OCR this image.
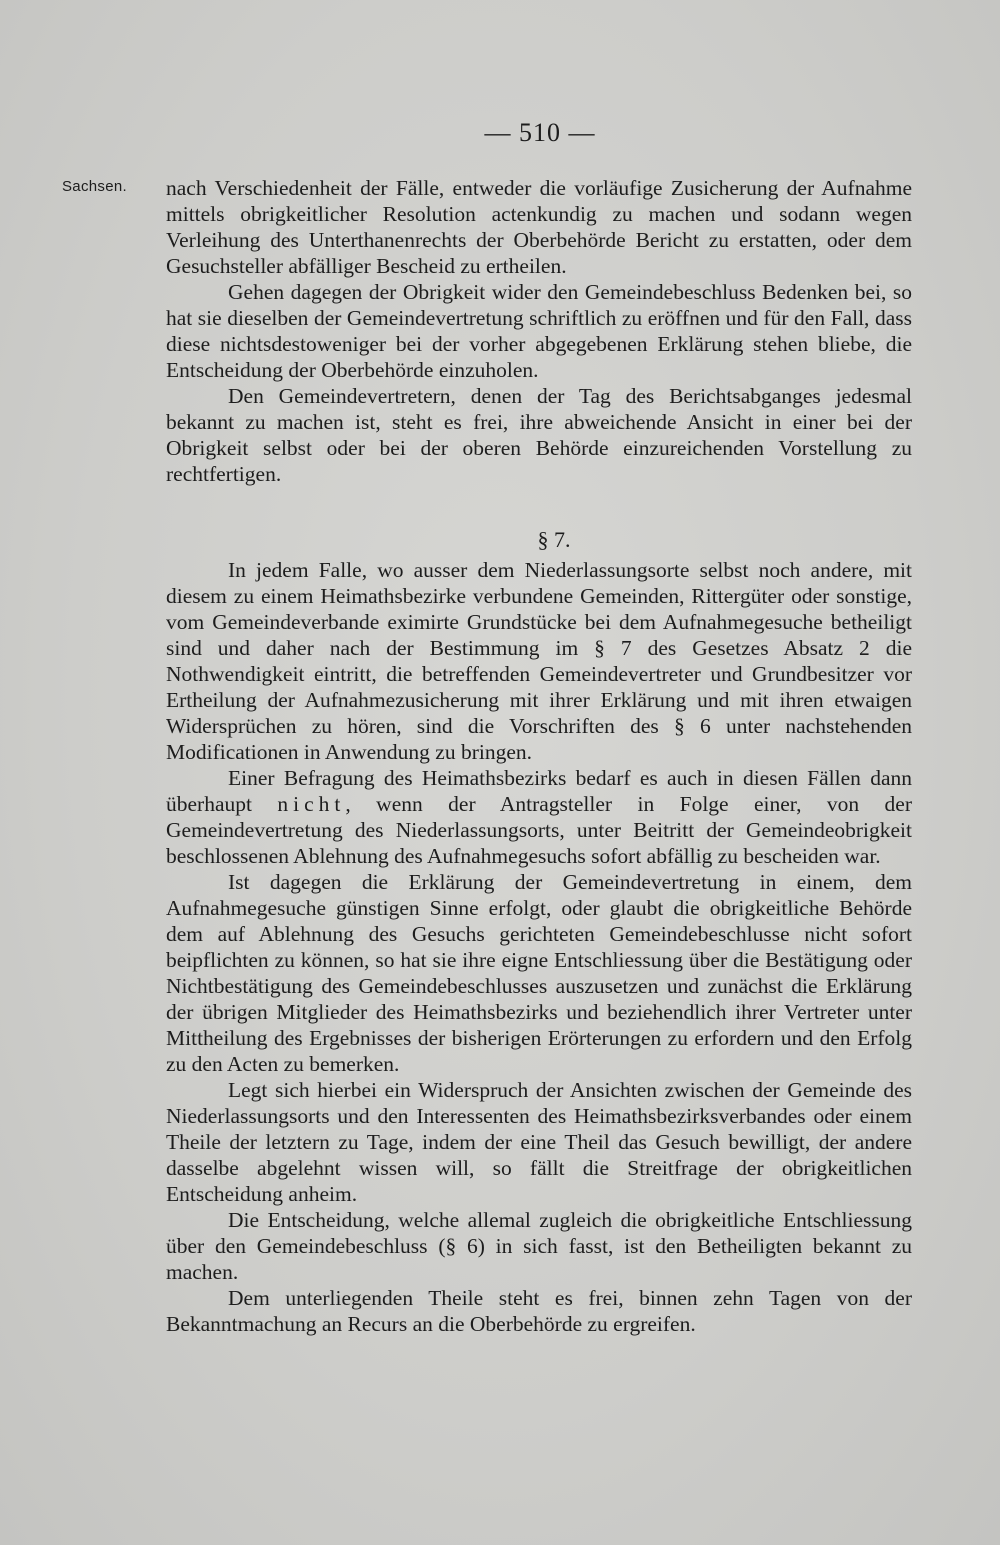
— 510 —
Sachsen. nach Verschiedenheit der Fälle, entweder die vorläufige Zusicherung der Aufnahme mittels obrigkeitlicher Resolution actenkundig zu machen und sodann wegen Verleihung des Unterthanenrechts der Oberbehörde Bericht zu erstatten, oder dem Gesuchsteller abfälliger Bescheid zu ertheilen.

Gehen dagegen der Obrigkeit wider den Gemeindebeschluss Bedenken bei, so hat sie dieselben der Gemeindevertretung schriftlich zu eröffnen und für den Fall, dass diese nichtsdestoweniger bei der vorher abgegebenen Erklärung stehen bliebe, die Entscheidung der Oberbehörde einzuholen.

Den Gemeindevertretern, denen der Tag des Berichtsabganges jedesmal bekannt zu machen ist, steht es frei, ihre abweichende Ansicht in einer bei der Obrigkeit selbst oder bei der oberen Behörde einzureichenden Vorstellung zu rechtfertigen.

§ 7.

In jedem Falle, wo ausser dem Niederlassungsorte selbst noch andere, mit diesem zu einem Heimathsbezirke verbundene Gemeinden, Rittergüter oder sonstige, vom Gemeindeverbande eximirte Grundstücke bei dem Aufnahmegesuche betheiligt sind und daher nach der Bestimmung im § 7 des Gesetzes Absatz 2 die Nothwendigkeit eintritt, die betreffenden Gemeindevertreter und Grundbesitzer vor Ertheilung der Aufnahmezusicherung mit ihrer Erklärung und mit ihren etwaigen Widersprüchen zu hören, sind die Vorschriften des § 6 unter nachstehenden Modificationen in Anwendung zu bringen.

Einer Befragung des Heimathsbezirks bedarf es auch in diesen Fällen dann überhaupt nicht, wenn der Antragsteller in Folge einer, von der Gemeindevertretung des Niederlassungsorts, unter Beitritt der Gemeindeobrigkeit beschlossenen Ablehnung des Aufnahmegesuchs sofort abfällig zu bescheiden war.

Ist dagegen die Erklärung der Gemeindevertretung in einem, dem Aufnahmegesuche günstigen Sinne erfolgt, oder glaubt die obrigkeitliche Behörde dem auf Ablehnung des Gesuchs gerichteten Gemeindebeschlusse nicht sofort beipflichten zu können, so hat sie ihre eigne Entschliessung über die Bestätigung oder Nichtbestätigung des Gemeindebeschlusses auszusetzen und zunächst die Erklärung der übrigen Mitglieder des Heimathsbezirks und beziehendlich ihrer Vertreter unter Mittheilung des Ergebnisses der bisherigen Erörterungen zu erfordern und den Erfolg zu den Acten zu bemerken.

Legt sich hierbei ein Widerspruch der Ansichten zwischen der Gemeinde des Niederlassungsorts und den Interessenten des Heimathsbezirksverbandes oder einem Theile der letztern zu Tage, indem der eine Theil das Gesuch bewilligt, der andere dasselbe abgelehnt wissen will, so fällt die Streitfrage der obrigkeitlichen Entscheidung anheim.

Die Entscheidung, welche allemal zugleich die obrigkeitliche Entschliessung über den Gemeindebeschluss (§ 6) in sich fasst, ist den Betheiligten bekannt zu machen.

Dem unterliegenden Theile steht es frei, binnen zehn Tagen von der Bekanntmachung an Recurs an die Oberbehörde zu ergreifen.
